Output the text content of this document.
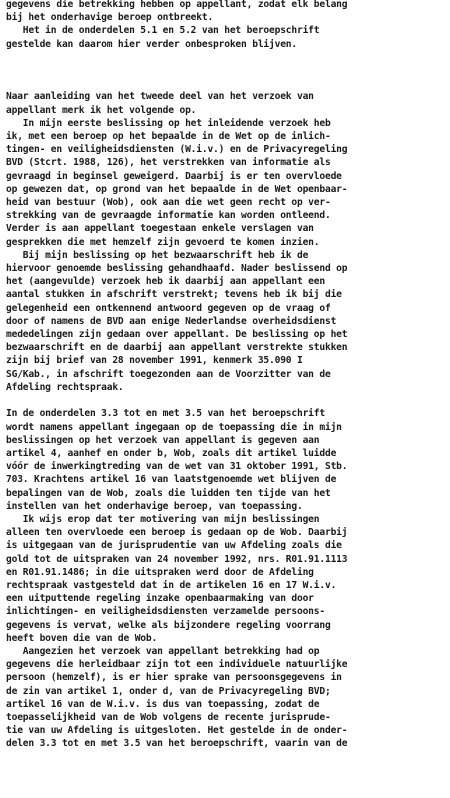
gegevens die betrekking hebben op appellant, zodat elk belang
bij het onderhavige beroep ontbreekt.
Het in de onderdelen 5.1 en 5.2 van het beroepschrift
gestelde kan daarom hier verder onbesproken blijven.

Naar aanleiding van het tweede deel van het verzoek van
appellant merk ik het volgende op.
In mijn eerste beslissing op het inleidende verzoek heb
ik, met een beroep op het bepaalde in de Wet op de inlich-
tingen- en veiligheidsdiensten (W.i.v.) en de Privacyregeling
BVD (Stcrt. 1988, 126), het verstrekken van informatie als
gevraagd in beginsel geweigerd. Daarbij is er ten overvloede
op gewezen dat, op grond van het bepaalde in de Wet openbaar-
heid van bestuur (Wob), ook aan die wet geen recht op ver-
strekking van de gevraagde informatie kan worden ontleend.
Verder is aan appellant toegestaan enkele verslagen van
gesprekken die met hemzelf zijn gevoerd te komen inzien.
Bij mijn beslissing op het bezwaarschrift heb ik de
hiervoor genoemde beslissing gehandhaafd. Nader beslissend op
het (aangevulde) verzoek heb ik daarbij aan appellant een
aantal stukken in afschrift verstrekt; tevens heb ik bij die
gelegenheid een ontkennend antwoord gegeven op de vraag of
door of namens de BVD aan enige Nederlandse overheidsdienst
mededelingen zijn gedaan over appellant. De beslissing op het
bezwaarschrift en de daarbij aan appellant verstrekte stukken
zijn bij brief van 28 november 1991, kenmerk 35.090 I
SG/Kab., in afschrift toegezonden aan de Voorzitter van de
Afdeling rechtspraak.

In de onderdelen 3.3 tot en met 3.5 van het beroepschrift
wordt namens appellant ingegaan op de toepassing die in mijn
beslissingen op het verzoek van appellant is gegeven aan
artikel 4, aanhef en onder b, Wob, zoals dit artikel luidde
vóór de inwerkingtreding van de wet van 31 oktober 1991, Stb.
703. Krachtens artikel 16 van laatstgenoemde wet blijven de
bepalingen van de Wob, zoals die luidden ten tijde van het
instellen van het onderhavige beroep, van toepassing.
Ik wijs erop dat ter motivering van mijn beslissingen
alleen ten overvloede een beroep is gedaan op de Wob. Daarbij
is uitgegaan van de jurisprudentie van uw Afdeling zoals die
gold tot de uitspraken van 24 november 1992, nrs. R01.91.1113
en R01.91.1486; in die uitspraken werd door de Afdeling
rechtspraak vastgesteld dat in de artikelen 16 en 17 W.i.v.
een uitputtende regeling inzake openbaarmaking van door
inlichtingen- en veiligheidsdiensten verzamelde persoons-
gegevens is vervat, welke als bijzondere regeling voorrang
heeft boven die van de Wob.
Aangezien het verzoek van appellant betrekking had op
gegevens die herleidbaar zijn tot een individuele natuurlijke
persoon (hemzelf), is er hier sprake van persoonsgegevens in
de zin van artikel 1, onder d, van de Privacyregeling BVD;
artikel 16 van de W.i.v. is dus van toepassing, zodat de
toepasselijkheid van de Wob volgens de recente jurisprude-
tie van uw Afdeling is uitgesloten. Het gestelde in de onder-
delen 3.3 tot en met 3.5 van het beroepschrift, vaarin van de
